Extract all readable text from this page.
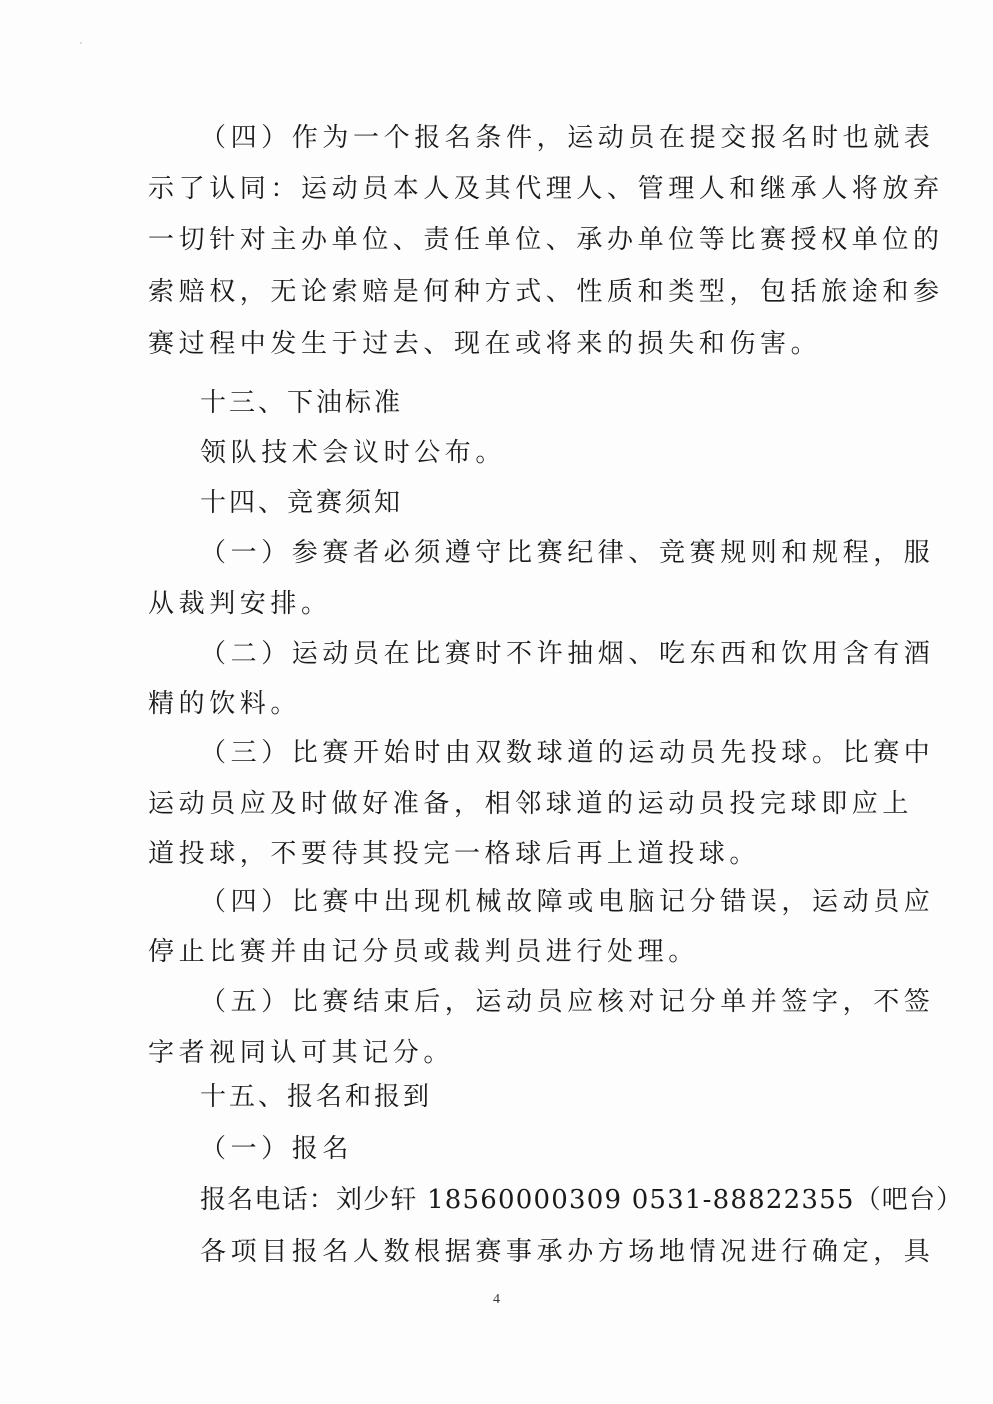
（四）作为一个报名条件，运动员在提交报名时也就表
示了认同：运动员本人及其代理人、管理人和继承人将放弃
一切针对主办单位、责任单位、承办单位等比赛授权单位的
索赔权，无论索赔是何种方式、性质和类型，包括旅途和参
赛过程中发生于过去、现在或将来的损失和伤害。
十三、下油标准
领队技术会议时公布。
十四、竞赛须知
（一）参赛者必须遵守比赛纪律、竞赛规则和规程，服
从裁判安排。
（二）运动员在比赛时不许抽烟、吃东西和饮用含有酒
精的饮料。
（三）比赛开始时由双数球道的运动员先投球。比赛中
运动员应及时做好准备，相邻球道的运动员投完球即应上
道投球，不要待其投完一格球后再上道投球。
（四）比赛中出现机械故障或电脑记分错误，运动员应
停止比赛并由记分员或裁判员进行处理。
（五）比赛结束后，运动员应核对记分单并签字，不签
字者视同认可其记分。
十五、报名和报到
（一）报名
报名电话：刘少轩 18560000309 0531-88822355（吧台）
各项目报名人数根据赛事承办方场地情况进行确定，具
4
